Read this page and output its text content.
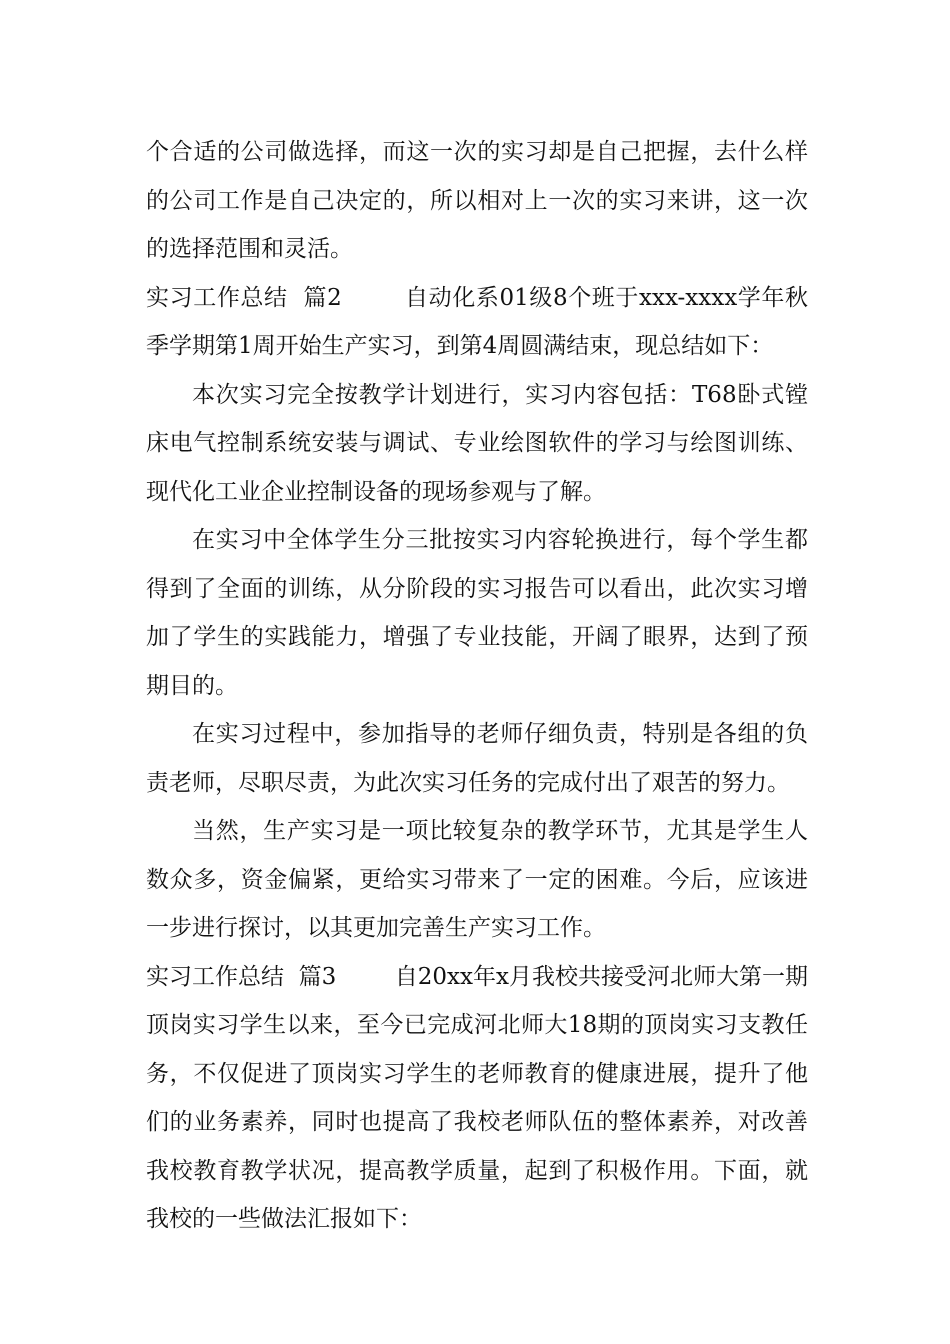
个合适的公司做选择，而这一次的实习却是自己把握，去什么样的公司工作是自己决定的，所以相对上一次的实习来讲，这一次的选择范围和灵活。

实习工作总结  篇2        自动化系01级8个班于xxx-xxxx学年秋季学期第1周开始生产实习，到第4周圆满结束，现总结如下：

本次实习完全按教学计划进行，实习内容包括：T68卧式镗床电气控制系统安装与调试、专业绘图软件的学习与绘图训练、现代化工业企业控制设备的现场参观与了解。

在实习中全体学生分三批按实习内容轮换进行，每个学生都得到了全面的训练，从分阶段的实习报告可以看出，此次实习增加了学生的实践能力，增强了专业技能，开阔了眼界，达到了预期目的。

在实习过程中，参加指导的老师仔细负责，特别是各组的负责老师，尽职尽责，为此次实习任务的完成付出了艰苦的努力。

当然，生产实习是一项比较复杂的教学环节，尤其是学生人数众多，资金偏紧，更给实习带来了一定的困难。今后，应该进一步进行探讨，以其更加完善生产实习工作。

实习工作总结  篇3        自20xx年x月我校共接受河北师大第一期顶岗实习学生以来，至今已完成河北师大18期的顶岗实习支教任务，不仅促进了顶岗实习学生的老师教育的健康进展，提升了他们的业务素养，同时也提高了我校老师队伍的整体素养，对改善我校教育教学状况，提高教学质量，起到了积极作用。下面，就我校的一些做法汇报如下：
